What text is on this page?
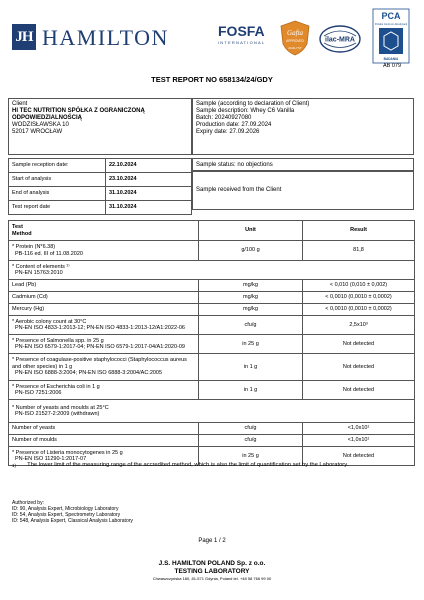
JH HAMILTON	FOSFA
INTERNATIONAL
Gafta
APPROVED
ANALYST
ilac-MRA
PCA
Polskie Centrum Akredytacji
BADANIA
AB 079
TEST REPORT NO 658134/24/GDY
Client
HI TEC NUTRITION SPÓŁKA Z OGRANICZONĄ
ODPOWIEDZIALNOŚCIĄ
WODZISŁAWSKA 10
52017 WROCŁAW
Sample (according to declaration of Client)
Sample description: Whey C6 Vanilla
Batch: 20240927080
Production date: 27.09.2024
Expiry date: 27.09.2026
Sample reception date:	22.10.2024
Start of analysis	23.10.2024
End of analysis	31.10.2024
Test report date	31.10.2024
Sample status: no objections
Sample received from the Client
Test
Method	Unit	Result

* Protein (N*6.38)
PB-116 ed. III of 11.08.2020	g/100 g	81,8

* Content of elements ¹⁾
PN-EN 15763:2010		

Lead (Pb)	mg/kg	< 0,010 (0,010 ± 0,002)

Cadmium (Cd)	mg/kg	< 0,0010 (0,0010 ± 0,0002)

Mercury (Hg)	mg/kg	< 0,0010 (0,0010 ± 0,0002)

* Aerobic colony count at 30°C
PN-EN ISO 4833-1:2013-12; PN-EN ISO 4833-1:2013-12/A1:2022-06	cfu/g	2,5x10³

* Presence of Salmonella spp. in 25 g
PN-EN ISO 6579-1:2017-04; PN-EN ISO 6579-1:2017-04/A1:2020-09	in 25 g	Not detected

* Presence of coagulase-positive staphylococci (Staphylococcus aureus and other species) in 1 g
PN-EN ISO 6888-3:2004; PN-EN ISO 6888-3:2004/AC:2005	in 1 g	Not detected

* Presence of Escherichia coli in 1 g
PN-ISO 7251:2006	in 1 g	Not detected

* Number of yeasts and moulds at 25°C
PN-ISO 21527-2:2009 (withdrawn)		

Number of yeasts	cfu/g	<1,0x10¹

Number of moulds	cfu/g	<1,0x10¹

* Presence of Listeria monocytogenes in 25 g
PN-EN ISO 11290-1:2017-07	in 25 g	Not detected
$^{1)}$ The lower limit of the measuring range of the accredited method, which is also the limit of quantification set by the Laboratory.
Authorized by:
ID: 90, Analysis Expert, Microbiology Laboratory
ID: 54, Analysis Expert, Spectrometry Laboratory
ID: 548, Analysis Expert, Classical Analysis Laboratory
Page 1 / 2
J.S. HAMILTON POLAND Sp. z o.o.
TESTING LABORATORY
Chwaszczyńska 180, 81-571 Gdynia, Poland tel. +48 58 766 99 00
